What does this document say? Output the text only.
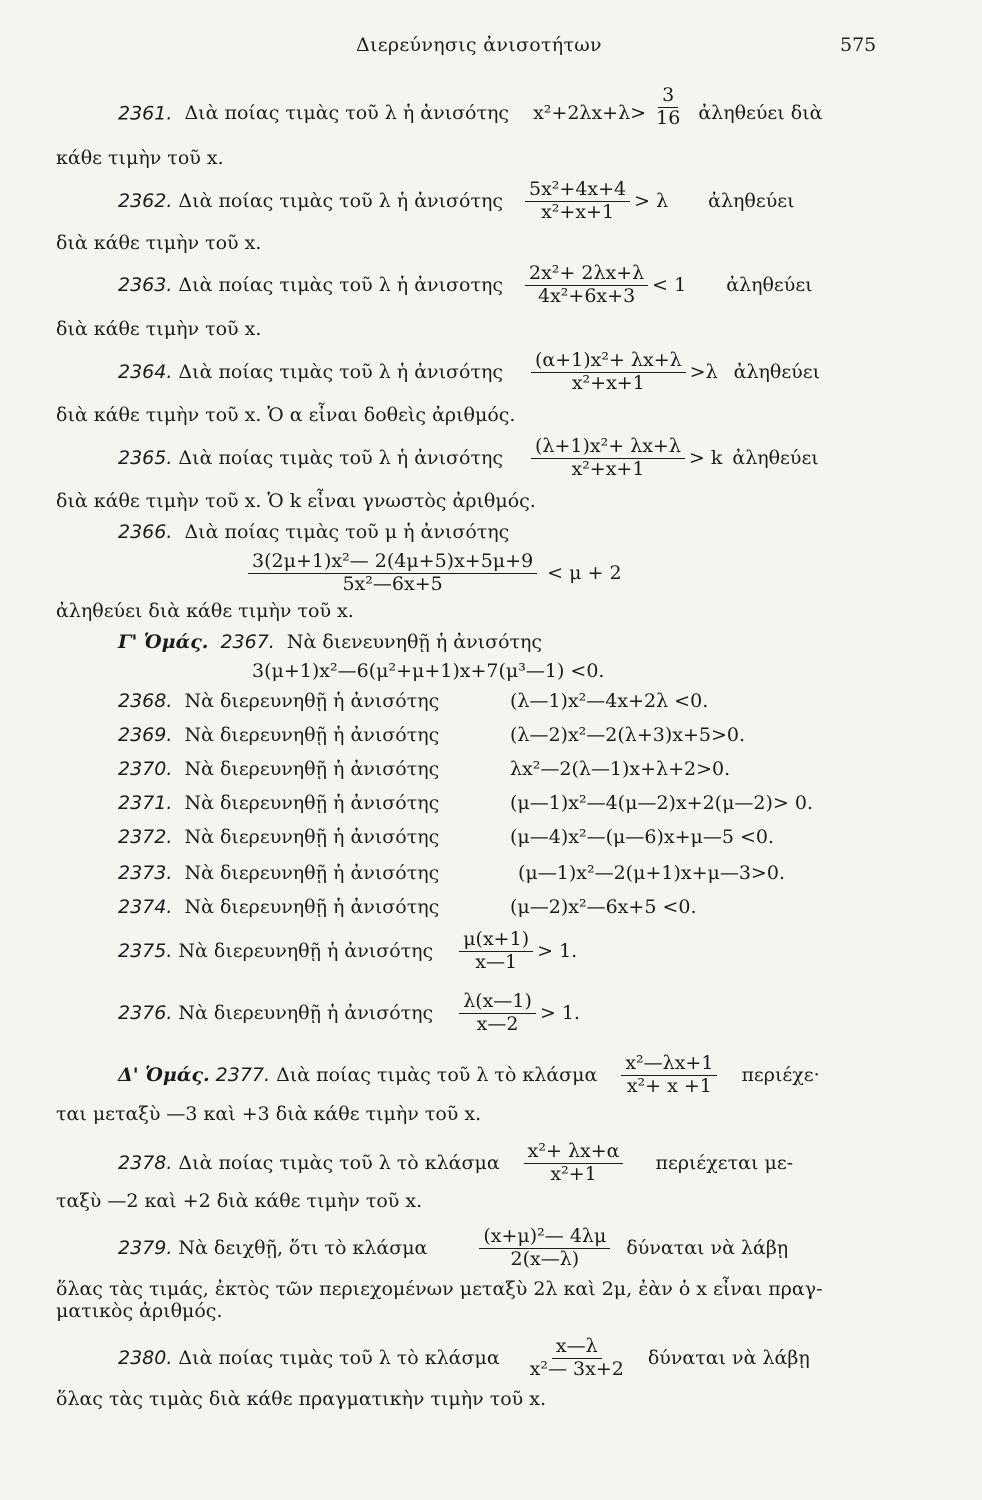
Διερεύνησις ἀνισοτήτων	575
2361. Διὰ ποίας τιμὰς τοῦ λ ἡ ἀνισότης $x^2+2\lambda x+\lambda> \frac{3}{16}$ ἀληθεύει διὰ
κάθε τιμὴν τοῦ x.
2362. Διὰ ποίας τιμὰς τοῦ λ ἡ ἀνισότης $\frac{\text{5x²+4x+4}}{\text{x²+x+1}} > \lambda$ ἀληθεύει
διὰ κάθε τιμὴν τοῦ x.
2363. Διὰ ποίας τιμὰς τοῦ λ ἡ ἀνισοτης $\frac{\text{2x²+ 2λx+λ}}{\text{4x²+6x+3}} < 1$ ἀληθεύει
διὰ κάθε τιμὴν τοῦ x.
2364. Διὰ ποίας τιμὰς τοῦ λ ἡ ἀνισότης $\frac{\text{(α+1)x²+ λx+λ}}{\text{x²+x+1}} >\lambda$ ἀληθεύει
διὰ κάθε τιμὴν τοῦ x. Ὁ α εἶναι δοθεὶς ἀριθμός.
2365. Διὰ ποίας τιμὰς τοῦ λ ἡ ἀνισότης $\frac{\text{(λ+1)x²+ λx+λ}}{\text{x²+x+1}} > k$ ἀληθεύει
διὰ κάθε τιμὴν τοῦ x. Ὁ k εἶναι γνωστὸς ἀριθμός.
2366. Διὰ ποίας τιμὰς τοῦ μ ἡ ἀνισότης
$\frac{\text{3(2μ+1)x²— 2(4μ+5)x+5μ+9}}{\text{5x²—6x+5}} < \mu + 2$
ἀληθεύει διὰ κάθε τιμὴν τοῦ x.
Γ' Ὁμάς. 2367. Νὰ διενευνηθῇ ἡ ἀνισότης
3(μ+1)x²—6(μ²+μ+1)x+7(μ³—1) <0.
2368. Νὰ διερευνηθῇ ἡ ἀνισότης	(λ—1)x²—4x+2λ <0.
2369. Νὰ διερευνηθῇ ἡ ἀνισότης	(λ—2)x²—2(λ+3)x+5>0.
2370. Νὰ διερευνηθῇ ἡ ἀνισότης	λx²—2(λ—1)x+λ+2>0.
2371. Νὰ διερευνηθῇ ἡ ἀνισότης	(μ—1)x²—4(μ—2)x+2(μ—2)> 0.
2372. Νὰ διερευνηθῇ ἡ ἀνισότης	(μ—4)x²—(μ—6)x+μ—5 <0.
2373. Νὰ διερευνηθῇ ἡ ἀνισότης	(μ—1)x²—2(μ+1)x+μ—3>0.
2374. Νὰ διερευνηθῇ ἡ ἀνισότης	(μ—2)x²—6x+5 <0.
2375. Νὰ διερευνηθῇ ἡ ἀνισότης $\frac{\mu(x+1)}{x—1} > 1$.
2376. Νὰ διερευνηθῇ ἡ ἀνισότης $\frac{\lambda(x—1)}{x—2} > 1$.
Δ' Ὁμάς. 2377. Διὰ ποίας τιμὰς τοῦ λ τὸ κλάσμα $\frac{\text{x²—λx+1}}{\text{x²+ x +1}} \pi\varepsilon\rho\iota έ\chi\varepsilon\cdot$
ται μεταξὺ —3 καὶ +3 διὰ κάθε τιμὴν τοῦ x.
2378. Διὰ ποίας τιμὰς τοῦ λ τὸ κλάσμα $\frac{\text{x²+ λx+α}}{\text{x²+1}}$ περιέχεται με-
ταξὺ —2 καὶ +2 διὰ κάθε τιμὴν τοῦ x.
2379. Νὰ δειχθῇ, ὅτι τὸ κλάσμα	$\frac{\text{(x+μ)²— 4λμ}}{2(x—\lambda)}$ δύναται νὰ λάβῃ
ὅλας τὰς τιμάς, ἐκτὸς τῶν περιεχομένων μεταξὺ 2λ καὶ 2μ, ἐὰν ὁ x εἶναι πραγ-
ματικὸς ἀριθμός.
2380. Διὰ ποίας τιμὰς τοῦ λ τὸ κλάσμα $\frac{x—\lambda}{\text{x²— 3x+2}}$ δύναται νὰ λάβῃ
ὅλας τὰς τιμὰς διὰ κάθε πραγματικὴν τιμὴν τοῦ x.
